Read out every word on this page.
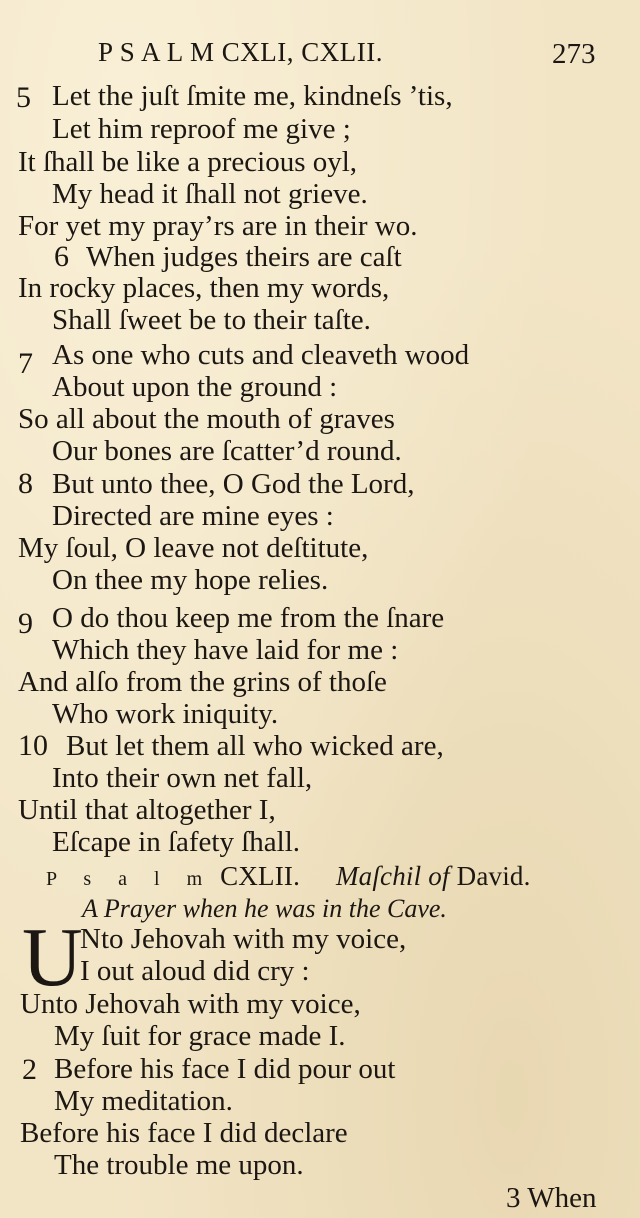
P S A L M CXLI, CXLII.	273
5 Let the juſt ſmite me, kindneſs ’tis,
Let him reproof me give ;
It ſhall be like a precious oyl,
My head it ſhall not grieve.
For yet my pray’rs are in their wo.
6 When judges theirs are caſt
In rocky places, then my words,
Shall ſweet be to their taſte.
7 As one who cuts and cleaveth wood
About upon the ground :
So all about the mouth of graves
Our bones are ſcatter’d round.
8 But unto thee, O God the Lord,
Directed are mine eyes :
My ſoul, O leave not deſtitute,
On thee my hope relies.
9 O do thou keep me from the ſnare
Which they have laid for me :
And alſo from the grins of thoſe
Who work iniquity.
10 But let them all who wicked are,
Into their own net fall,
Until that altogether I,
Eſcape in ſafety ſhall.
P s a l m CXLII. Maſchil of David.
A Prayer when he was in the Cave.
U
Nto Jehovah with my voice,
I out aloud did cry :
Unto Jehovah with my voice,
My ſuit for grace made I.
2 Before his face I did pour out
My meditation.
Before his face I did declare
The trouble me upon.
3 When
